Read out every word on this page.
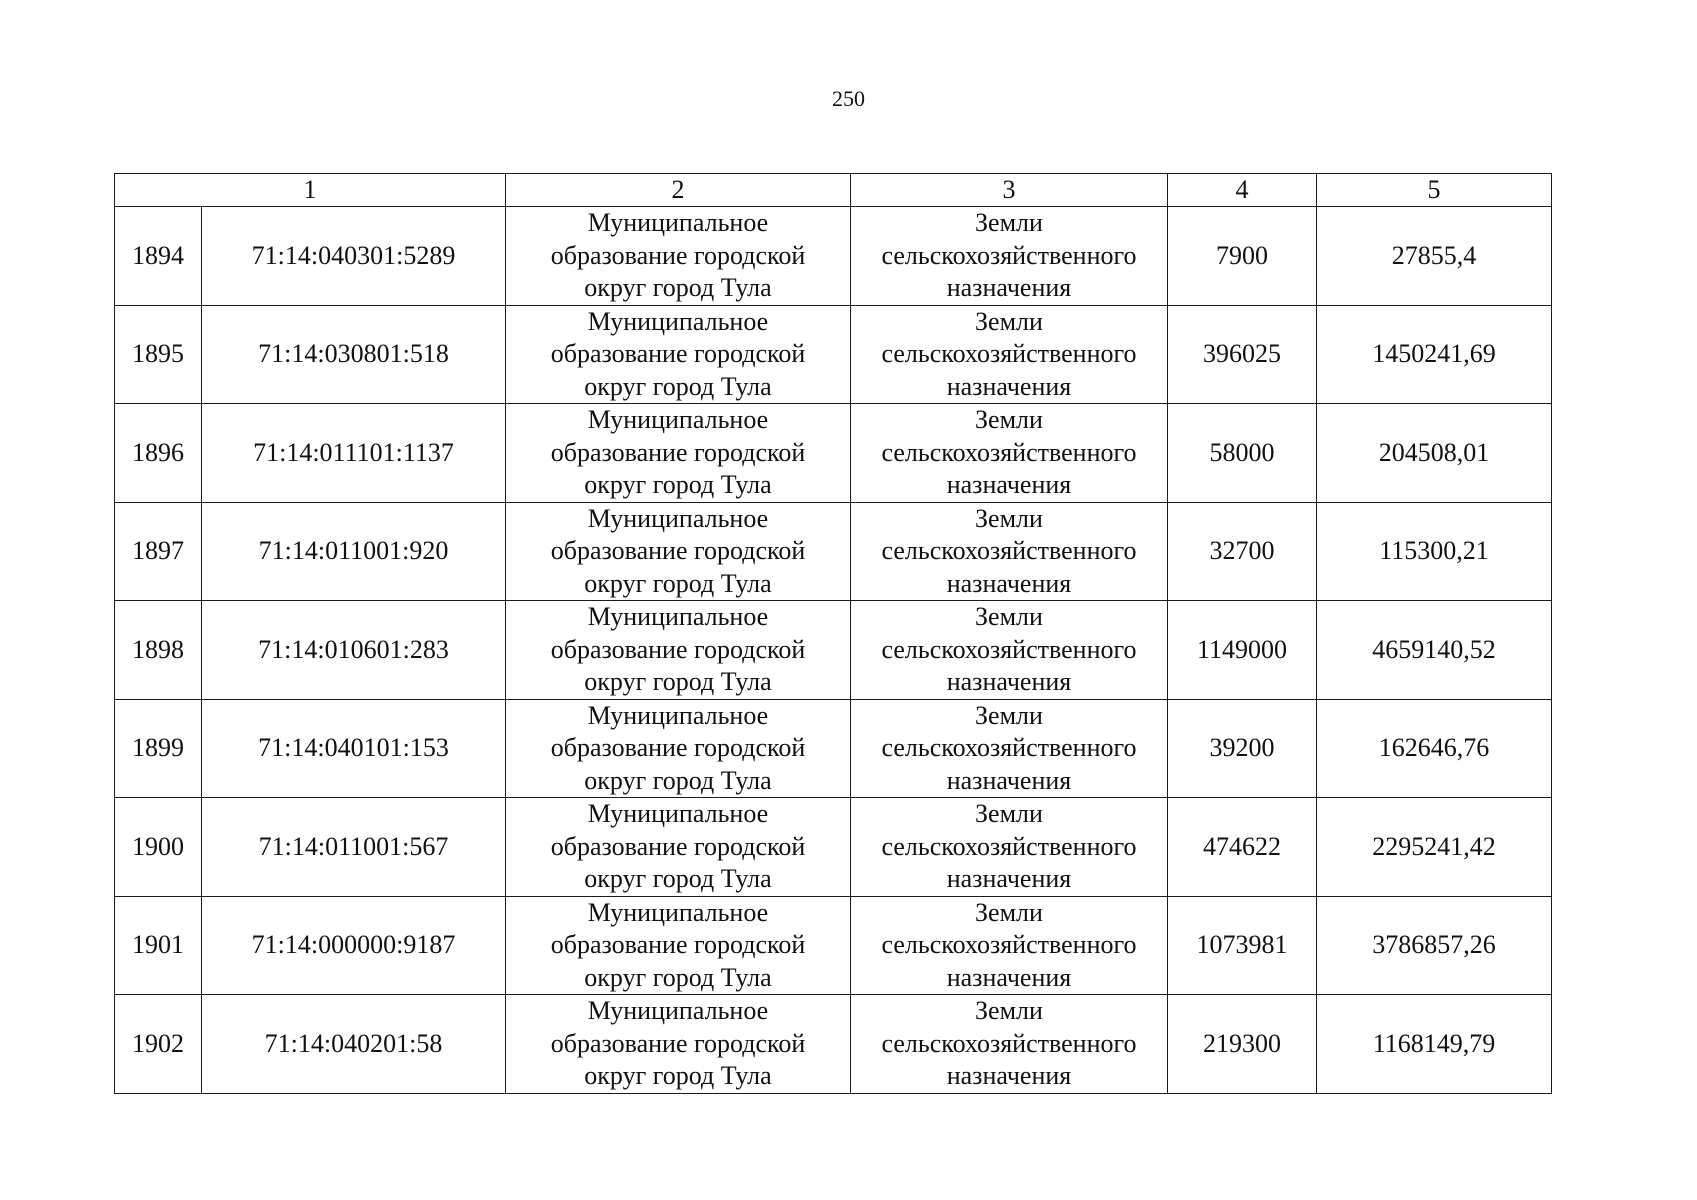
250
1		2	3	4	5
1894	71:14:040301:5289	Муниципальное
образование городской
округ город Тула	Земли
сельскохозяйственного
назначения	7900	27855,4
1895	71:14:030801:518	Муниципальное
образование городской
округ город Тула	Земли
сельскохозяйственного
назначения	396025	1450241,69
1896	71:14:011101:1137	Муниципальное
образование городской
округ город Тула	Земли
сельскохозяйственного
назначения	58000	204508,01
1897	71:14:011001:920	Муниципальное
образование городской
округ город Тула	Земли
сельскохозяйственного
назначения	32700	115300,21
1898	71:14:010601:283	Муниципальное
образование городской
округ город Тула	Земли
сельскохозяйственного
назначения	1149000	4659140,52
1899	71:14:040101:153	Муниципальное
образование городской
округ город Тула	Земли
сельскохозяйственного
назначения	39200	162646,76
1900	71:14:011001:567	Муниципальное
образование городской
округ город Тула	Земли
сельскохозяйственного
назначения	474622	2295241,42
1901	71:14:000000:9187	Муниципальное
образование городской
округ город Тула	Земли
сельскохозяйственного
назначения	1073981	3786857,26
1902	71:14:040201:58	Муниципальное
образование городской
округ город Тула	Земли
сельскохозяйственного
назначения	219300	1168149,79
